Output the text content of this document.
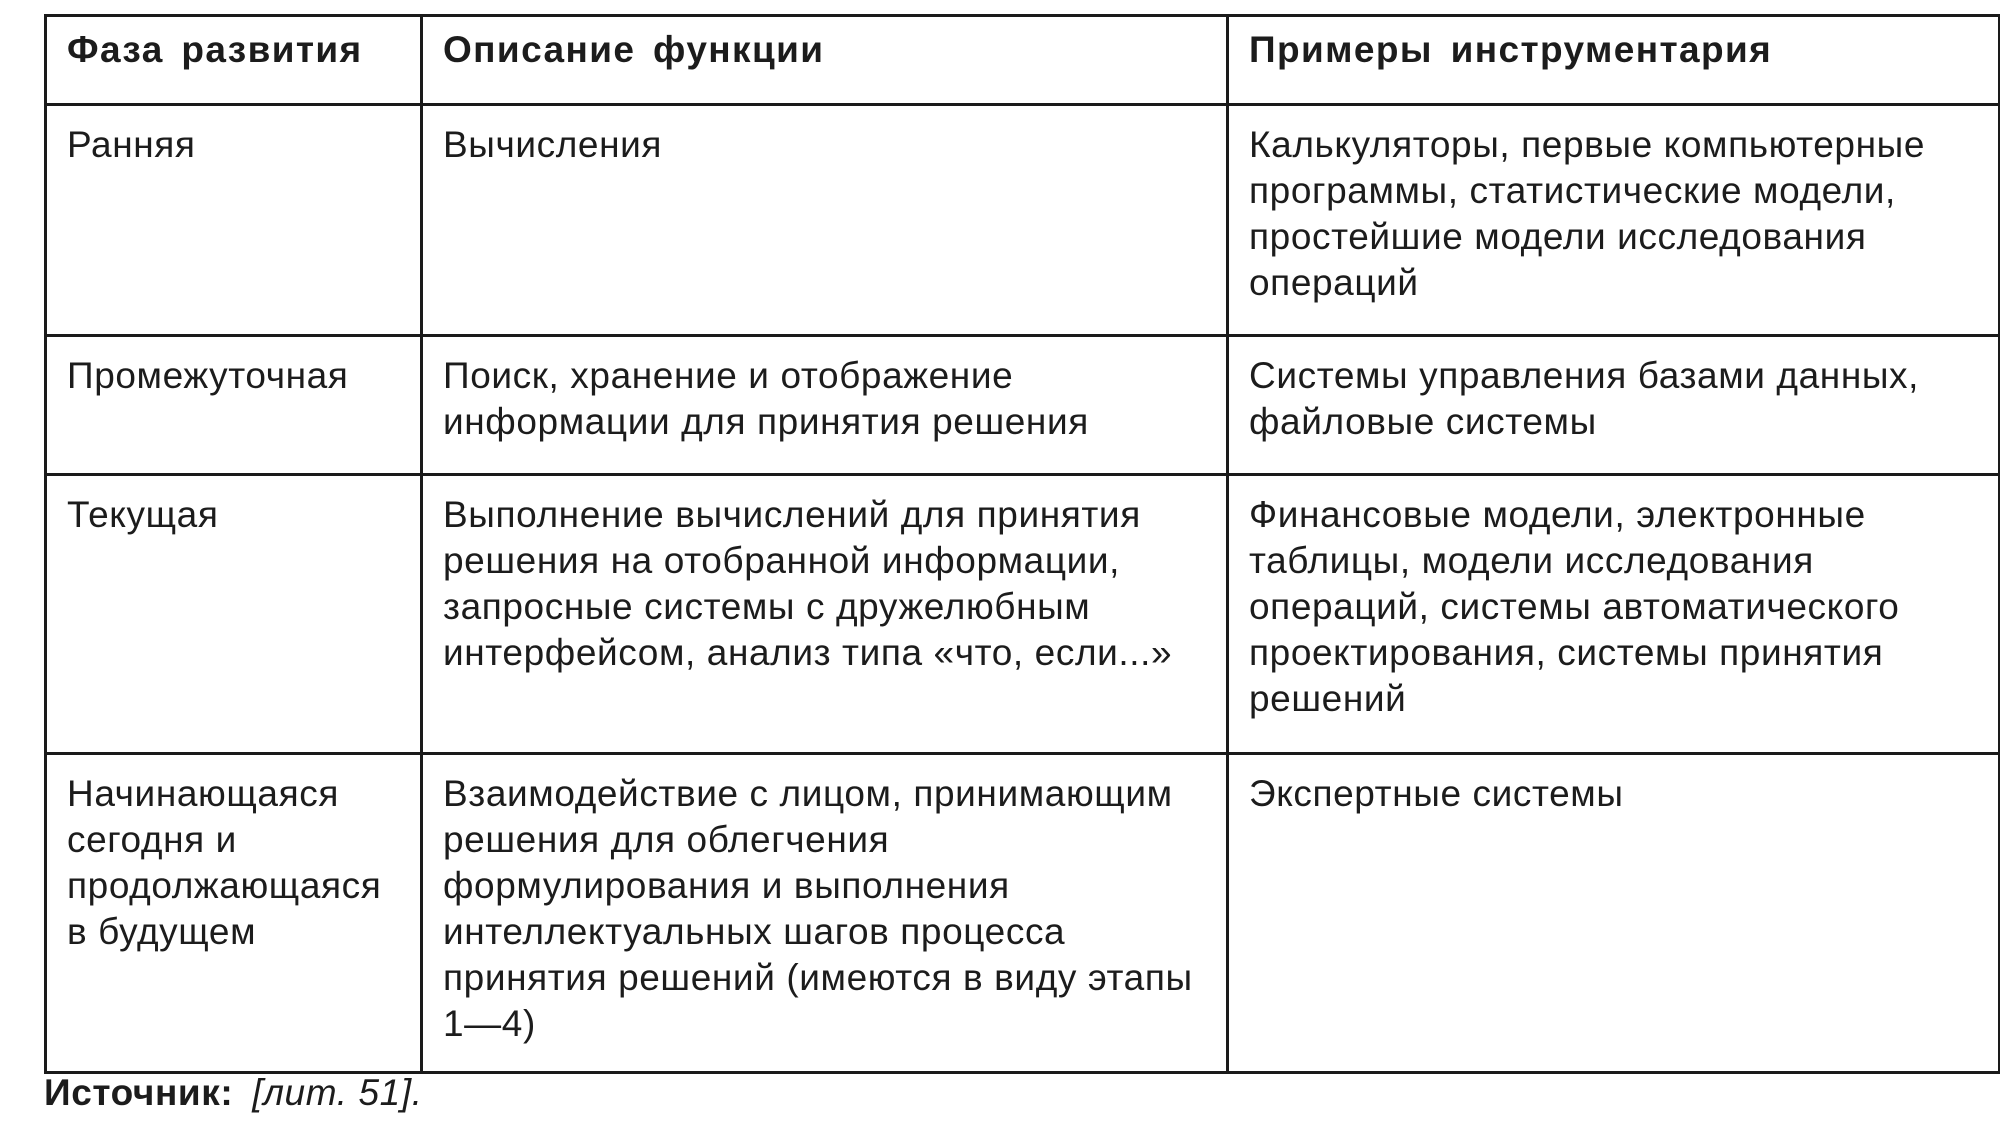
Фаза развития	Описание функции	Примеры инструментария
Ранняя	Вычисления	Калькуляторы, первые компьютерные программы, статистические модели, простейшие модели исследования операций
Промежуточная	Поиск, хранение и отображение информации для принятия решения	Системы управления базами данных, файловые системы
Текущая	Выполнение вычислений для принятия решения на отобранной информации, запросные системы с дружелюбным интерфейсом, анализ типа «что, если...»	Финансовые модели, электронные таблицы, модели исследования операций, системы автоматического проектирования, системы принятия решений
Начинающаяся сегодня и продолжающаяся в будущем	Взаимодействие с лицом, принимающим решения для облегчения формулирования и выполнения интеллектуальных шагов процесса принятия решений (имеются в виду этапы 1—4)	Экспертные системы
Источник: [лит. 51].
